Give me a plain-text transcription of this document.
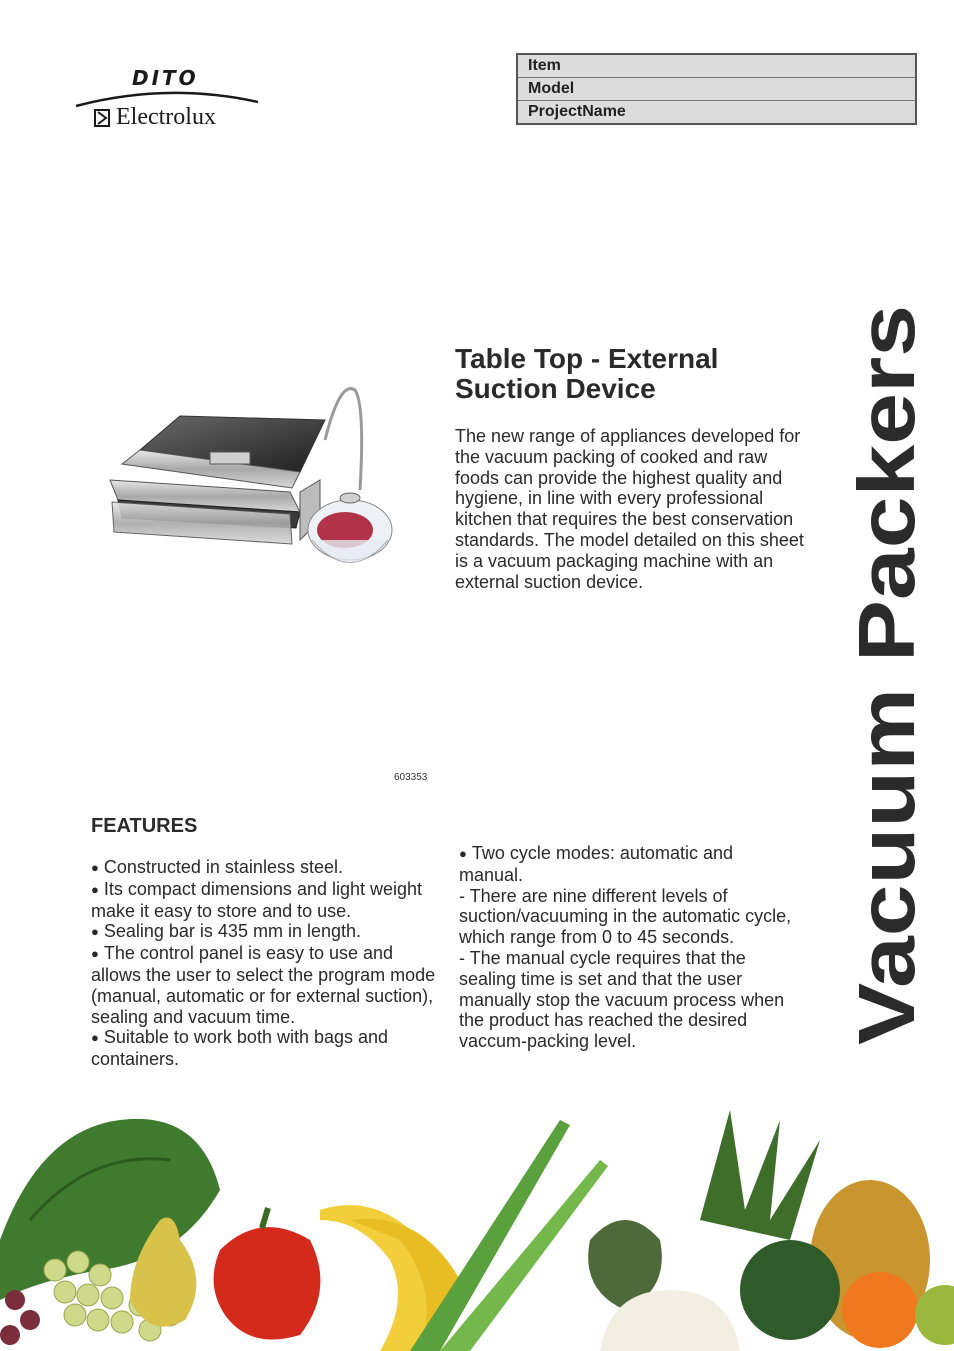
DITO
Electrolux
Item
Model
ProjectName
603353
Table Top - External Suction Device
The new range of appliances developed for the vacuum packing of cooked and raw foods can provide the highest quality and hygiene, in line with every professional kitchen that requires the best conservation standards. The model detailed on this sheet is a vacuum packaging machine with an external suction device.	Vacuum Packers
FEATURES
● Constructed in stainless steel.
● Its compact dimensions and light weight make it easy to store and to use.
● Sealing bar is 435 mm in length.
● The control panel is easy to use and allows the user to select the program mode (manual, automatic or for external suction), sealing and vacuum time.
● Suitable to work both with bags and containers.
● Two cycle modes: automatic and manual.
- There are nine different levels of suction/vacuuming in the automatic cycle, which range from 0 to 45 seconds.
- The manual cycle requires that the sealing time is set and that the user manually stop the vacuum process when the product has reached the desired vaccum-packing level.
